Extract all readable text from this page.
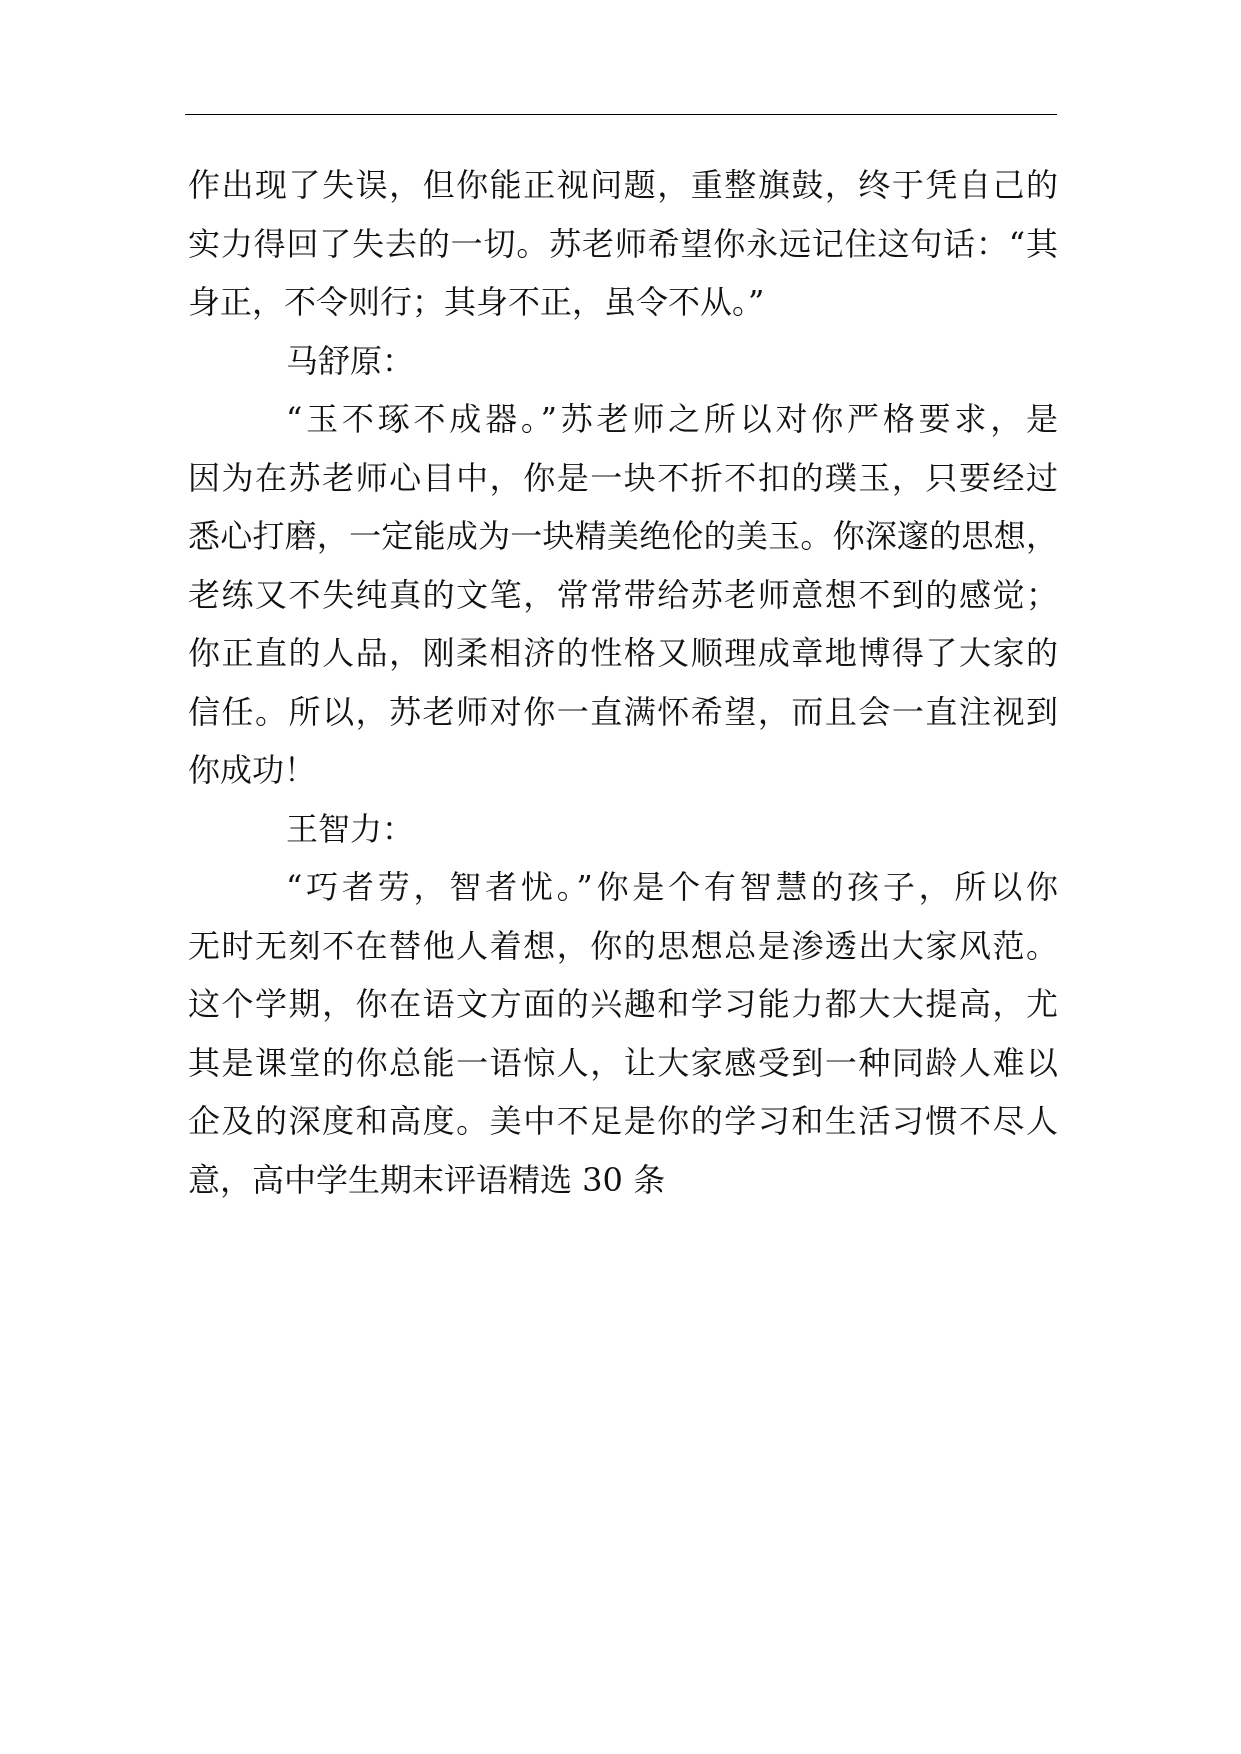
作出现了失误，但你能正视问题，重整旗鼓，终于凭自己的
实力得回了失去的一切。苏老师希望你永远记住这句话：“其
身正，不令则行；其身不正，虽令不从。”

马舒原：

“玉不琢不成器。”苏老师之所以对你严格要求，是
因为在苏老师心目中，你是一块不折不扣的璞玉，只要经过
悉心打磨，一定能成为一块精美绝伦的美玉。你深邃的思想，
老练又不失纯真的文笔，常常带给苏老师意想不到的感觉；
你正直的人品，刚柔相济的性格又顺理成章地博得了大家的
信任。所以，苏老师对你一直满怀希望，而且会一直注视到
你成功！

王智力：

“巧者劳，智者忧。”你是个有智慧的孩子，所以你
无时无刻不在替他人着想，你的思想总是渗透出大家风范。
这个学期，你在语文方面的兴趣和学习能力都大大提高，尤
其是课堂的你总能一语惊人，让大家感受到一种同龄人难以
企及的深度和高度。美中不足是你的学习和生活习惯不尽人
意，高中学生期末评语精选 30 条
